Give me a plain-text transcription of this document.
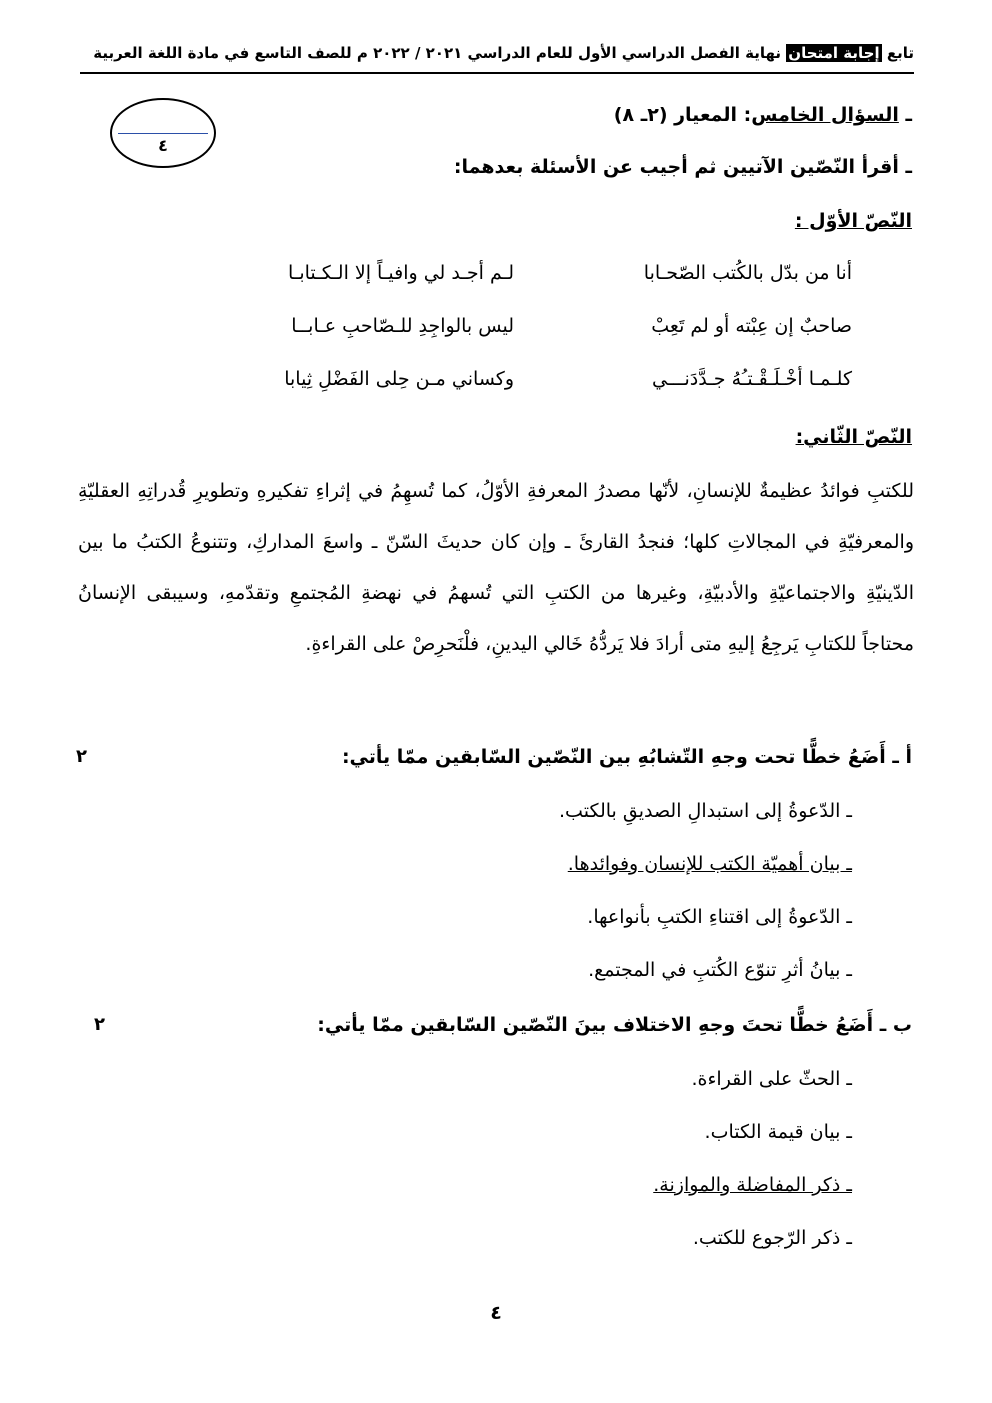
تابع إجابة امتحان نهاية الفصل الدراسي الأول للعام الدراسي ٢٠٢١ / ٢٠٢٢ م للصف التاسع في مادة اللغة العربية
٤
ـ السؤال الخامس: المعيار (٢ـ ٨)
ـ أقرأ النّصّين الآتيين ثم أجيب عن الأسئلة بعدهما:
النّصّ الأوّل :
أنا من بدّل بالكُتب الصّحـابا
لـم أجـد لي وافيـاً إلا الـكـتابـا
صاحبٌ إن عِبْته أو لم تَعِبْ
ليس بالواجِدِ للـصّاحبِ عـابــا
كلـمـا أخْـلَـقْـتـُهُ جـدَّدَنـــي
وكساني مـن حِلى الفَضْلِ ثِيابا
النّصّ الثّاني:
للكتبِ فوائدُ عظيمةٌ للإنسانِ، لأنّها مصدرُ المعرفةِ الأوّلُ، كما تُسهِمُ في إثراءِ تفكيرهِ وتطويرِ قُدراتِهِ العقليّةِ والمعرفيّةِ في المجالاتِ كلها؛ فنجدُ القارئَ ـ وإن كان حديثَ السّنّ ـ واسعَ المداركِ، وتتنوعُ الكتبُ ما بين الدّينيّةِ والاجتماعيّةِ والأدبيّةِ، وغيرها من الكتبِ التي تُسهمُ في نهضةِ المُجتمعِ وتقدّمهِ، وسيبقى الإنسانُ محتاجاً للكتابِ يَرجِعُ إليهِ متى أرادَ فلا يَردُّهُ خَالي اليدينِ، فلْنَحرِصْ على القراءةِ.
أ ـ أَضَعُ خطًّا تحت وجهِ التّشابُهِ بين النّصّين السّابقين ممّا يأتي:
٢
ـ الدّعوةُ إلى استبدالِ الصديقِ بالكتب.
ـ بيان أهميّة الكتب للإنسان وفوائدها.
ـ الدّعوةُ إلى اقتناءِ الكتبِ بأنواعها.
ـ بيانُ أثرِ تنوّع الكُتبِ في المجتمع.
ب ـ أَضَعُ خطًّا تحتَ وجهِ الاختلاف بينَ النّصّين السّابقين ممّا يأتي:
٢
ـ الحثّ على القراءة.
ـ بيان قيمة الكتاب.
ـ ذكر المفاضلة والموازنة.
ـ ذكر الرّجوع للكتب.
٤
